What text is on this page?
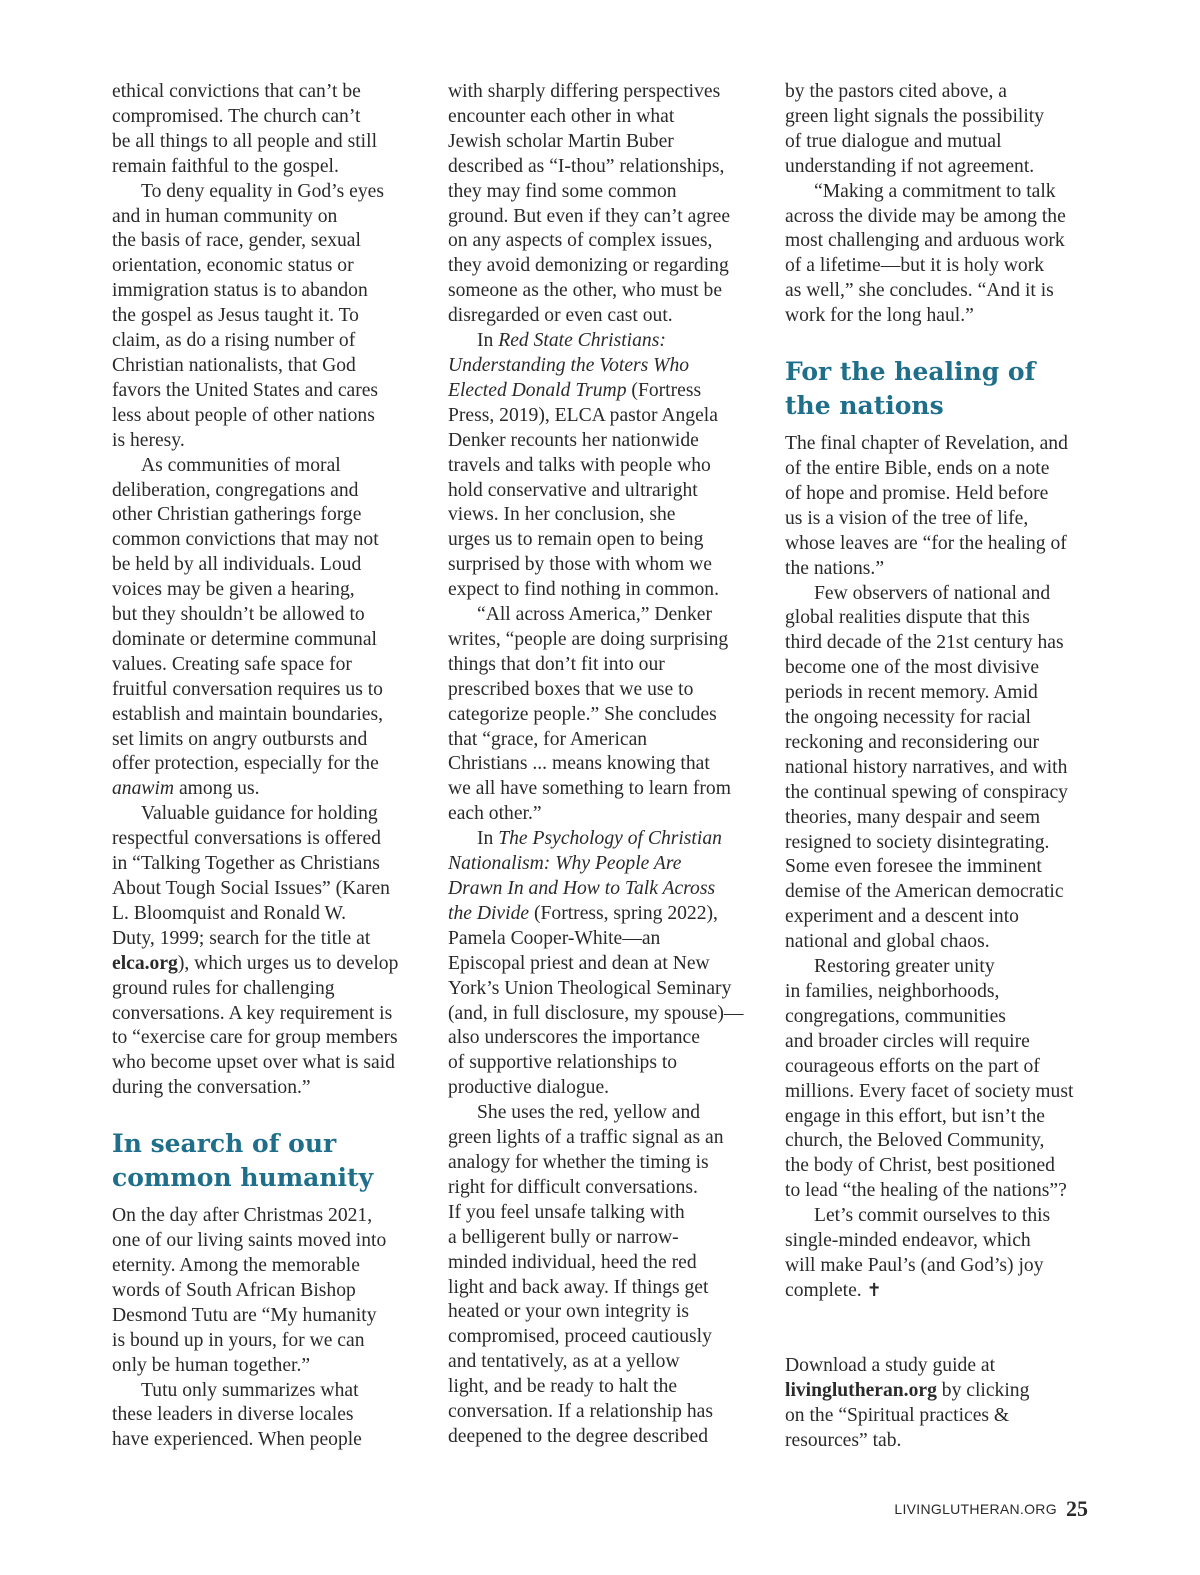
ethical convictions that can’t be
compromised. The church can’t
be all things to all people and still
remain faithful to the gospel.

To deny equality in God’s eyes
and in human community on
the basis of race, gender, sexual
orientation, economic status or
immigration status is to abandon
the gospel as Jesus taught it. To
claim, as do a rising number of
Christian nationalists, that God
favors the United States and cares
less about people of other nations
is heresy.

As communities of moral
deliberation, congregations and
other Christian gatherings forge
common convictions that may not
be held by all individuals. Loud
voices may be given a hearing,
but they shouldn’t be allowed to
dominate or determine communal
values. Creating safe space for
fruitful conversation requires us to
establish and maintain boundaries,
set limits on angry outbursts and
offer protection, especially for the
anawim among us.

Valuable guidance for holding
respectful conversations is offered
in “Talking Together as Christians
About Tough Social Issues” (Karen
L. Bloomquist and Ronald W.
Duty, 1999; search for the title at
elca.org), which urges us to develop
ground rules for challenging
conversations. A key requirement is
to “exercise care for group members
who become upset over what is said
during the conversation.”

In search of our
common humanity

On the day after Christmas 2021,
one of our living saints moved into
eternity. Among the memorable
words of South African Bishop
Desmond Tutu are “My humanity
is bound up in yours, for we can
only be human together.”

Tutu only summarizes what
these leaders in diverse locales
have experienced. When people

with sharply differing perspectives
encounter each other in what
Jewish scholar Martin Buber
described as “I-thou” relationships,
they may find some common
ground. But even if they can’t agree
on any aspects of complex issues,
they avoid demonizing or regarding
someone as the other, who must be
disregarded or even cast out.

In Red State Christians:
Understanding the Voters Who
Elected Donald Trump (Fortress
Press, 2019), ELCA pastor Angela
Denker recounts her nationwide
travels and talks with people who
hold conservative and ultraright
views. In her conclusion, she
urges us to remain open to being
surprised by those with whom we
expect to find nothing in common.

“All across America,” Denker
writes, “people are doing surprising
things that don’t fit into our
prescribed boxes that we use to
categorize people.” She concludes
that “grace, for American
Christians ... means knowing that
we all have something to learn from
each other.”

In The Psychology of Christian
Nationalism: Why People Are
Drawn In and How to Talk Across
the Divide (Fortress, spring 2022),
Pamela Cooper-White—an
Episcopal priest and dean at New
York’s Union Theological Seminary
(and, in full disclosure, my spouse)—
also underscores the importance
of supportive relationships to
productive dialogue.

She uses the red, yellow and
green lights of a traffic signal as an
analogy for whether the timing is
right for difficult conversations.
If you feel unsafe talking with
a belligerent bully or narrow-
minded individual, heed the red
light and back away. If things get
heated or your own integrity is
compromised, proceed cautiously
and tentatively, as at a yellow
light, and be ready to halt the
conversation. If a relationship has
deepened to the degree described

by the pastors cited above, a
green light signals the possibility
of true dialogue and mutual
understanding if not agreement.

“Making a commitment to talk
across the divide may be among the
most challenging and arduous work
of a lifetime—but it is holy work
as well,” she concludes. “And it is
work for the long haul.”

For the healing of
the nations

The final chapter of Revelation, and
of the entire Bible, ends on a note
of hope and promise. Held before
us is a vision of the tree of life,
whose leaves are “for the healing of
the nations.”

Few observers of national and
global realities dispute that this
third decade of the 21st century has
become one of the most divisive
periods in recent memory. Amid
the ongoing necessity for racial
reckoning and reconsidering our
national history narratives, and with
the continual spewing of conspiracy
theories, many despair and seem
resigned to society disintegrating.
Some even foresee the imminent
demise of the American democratic
experiment and a descent into
national and global chaos.

Restoring greater unity
in families, neighborhoods,
congregations, communities
and broader circles will require
courageous efforts on the part of
millions. Every facet of society must
engage in this effort, but isn’t the
church, the Beloved Community,
the body of Christ, best positioned
to lead “the healing of the nations”?

Let’s commit ourselves to this
single-minded endeavor, which
will make Paul’s (and God’s) joy
complete. ✝

Download a study guide at
livinglutheran.org by clicking
on the “Spiritual practices &
resources” tab.

LIVINGLUTHERAN.ORG 25
